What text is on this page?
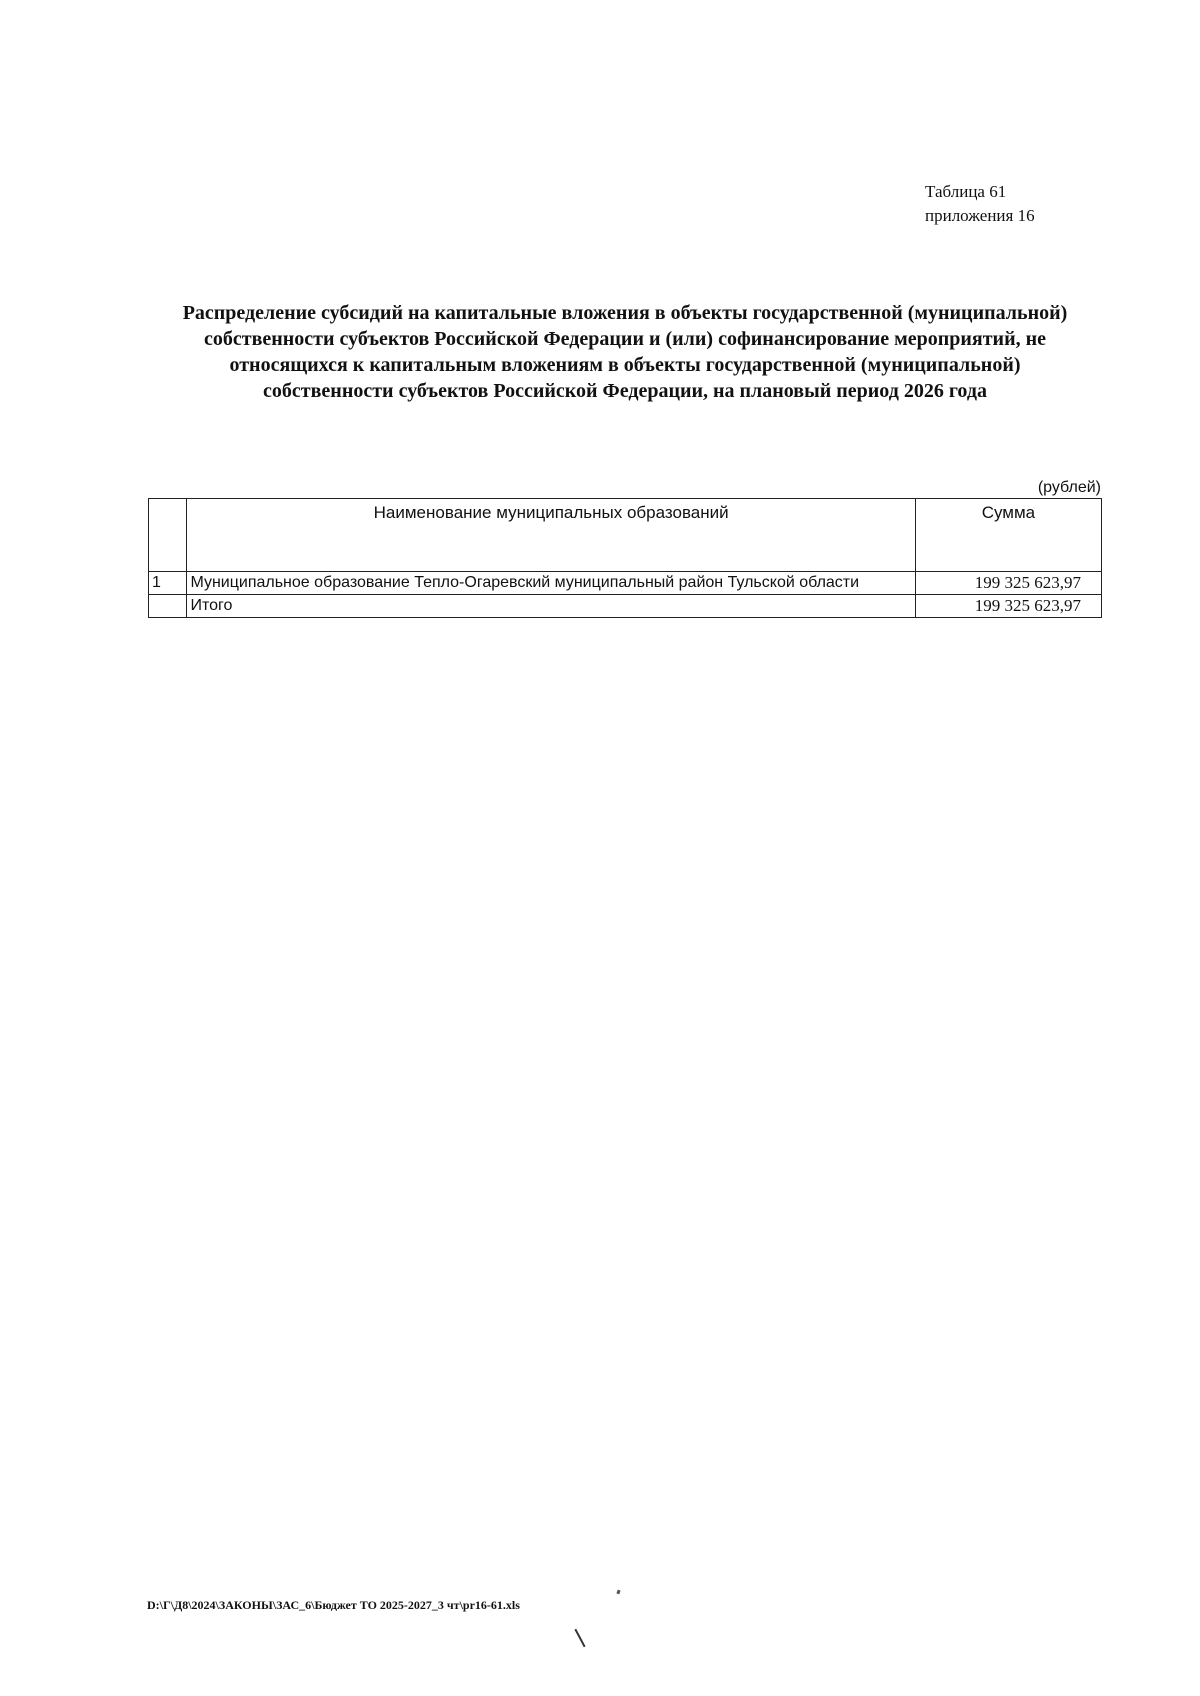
Таблица 61
приложения 16
Распределение субсидий на капитальные вложения в объекты государственной (муниципальной)
собственности субъектов Российской Федерации и (или) софинансирование мероприятий, не
относящихся к капитальным вложениям в объекты государственной (муниципальной)
собственности субъектов Российской Федерации, на плановый период 2026 года
(рублей)
	Наименование муниципальных образований	Сумма
1	Муниципальное образование Тепло-Огаревский муниципальный район Тульской области	199 325 623,97
	Итого	199 325 623,97
D:\Г\Д8\2024\ЗАКОНЫ\ЗАС_6\Бюджет ТО 2025-2027_3 чт\pr16-61.xls
